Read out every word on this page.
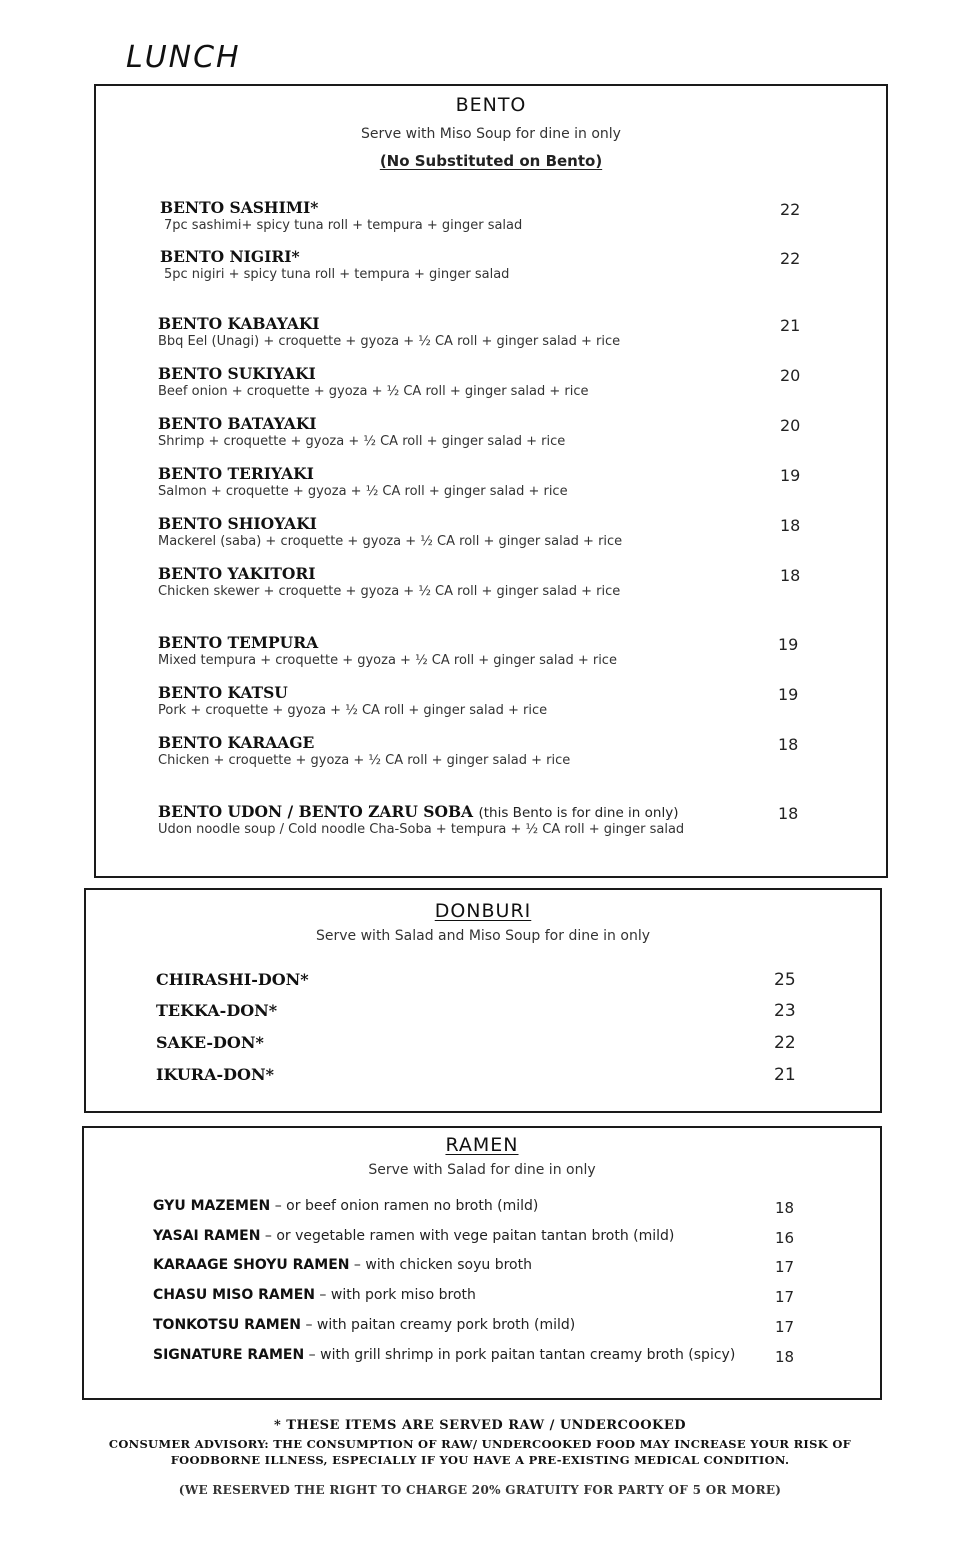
LUNCH
BENTO
Serve with Miso Soup for dine in only
(No Substituted on Bento)
BENTO SASHIMI*
7pc sashimi+ spicy tuna roll + tempura + ginger salad
22
BENTO NIGIRI*
5pc nigiri + spicy tuna roll + tempura + ginger salad
22
BENTO KABAYAKI
Bbq Eel (Unagi) + croquette + gyoza + ½ CA roll + ginger salad + rice
21
BENTO SUKIYAKI
Beef onion + croquette + gyoza + ½ CA roll + ginger salad + rice
20
BENTO BATAYAKI
Shrimp + croquette + gyoza + ½ CA roll + ginger salad + rice
20
BENTO TERIYAKI
Salmon + croquette + gyoza + ½ CA roll + ginger salad + rice
19
BENTO SHIOYAKI
Mackerel (saba) + croquette + gyoza + ½ CA roll + ginger salad + rice
18
BENTO YAKITORI
Chicken skewer + croquette + gyoza + ½ CA roll + ginger salad + rice
18
BENTO TEMPURA
Mixed tempura + croquette + gyoza + ½ CA roll + ginger salad + rice
19
BENTO KATSU
Pork + croquette + gyoza + ½ CA roll + ginger salad + rice
19
BENTO KARAAGE
Chicken + croquette + gyoza + ½ CA roll + ginger salad + rice
18
BENTO UDON / BENTO ZARU SOBA (this Bento is for dine in only)
Udon noodle soup / Cold noodle Cha-Soba + tempura + ½ CA roll + ginger salad
18
DONBURI
Serve with Salad and Miso Soup for dine in only
CHIRASHI-DON*	25
TEKKA-DON*	23
SAKE-DON*	22
IKURA-DON*	21
RAMEN
Serve with Salad for dine in only
GYU MAZEMEN – or beef onion ramen no broth (mild)	18
YASAI RAMEN – or vegetable ramen with vege paitan tantan broth (mild)	16
KARAAGE SHOYU RAMEN – with chicken soyu broth	17
CHASU MISO RAMEN – with pork miso broth	17
TONKOTSU RAMEN – with paitan creamy pork broth (mild)	17
SIGNATURE RAMEN – with grill shrimp in pork paitan tantan creamy broth (spicy)	18
* THESE ITEMS ARE SERVED RAW / UNDERCOOKED
CONSUMER ADVISORY: THE CONSUMPTION OF RAW/ UNDERCOOKED FOOD MAY INCREASE YOUR RISK OF FOODBORNE ILLNESS, ESPECIALLY IF YOU HAVE A PRE-EXISTING MEDICAL CONDITION.
(WE RESERVED THE RIGHT TO CHARGE 20% GRATUITY FOR PARTY OF 5 OR MORE)
